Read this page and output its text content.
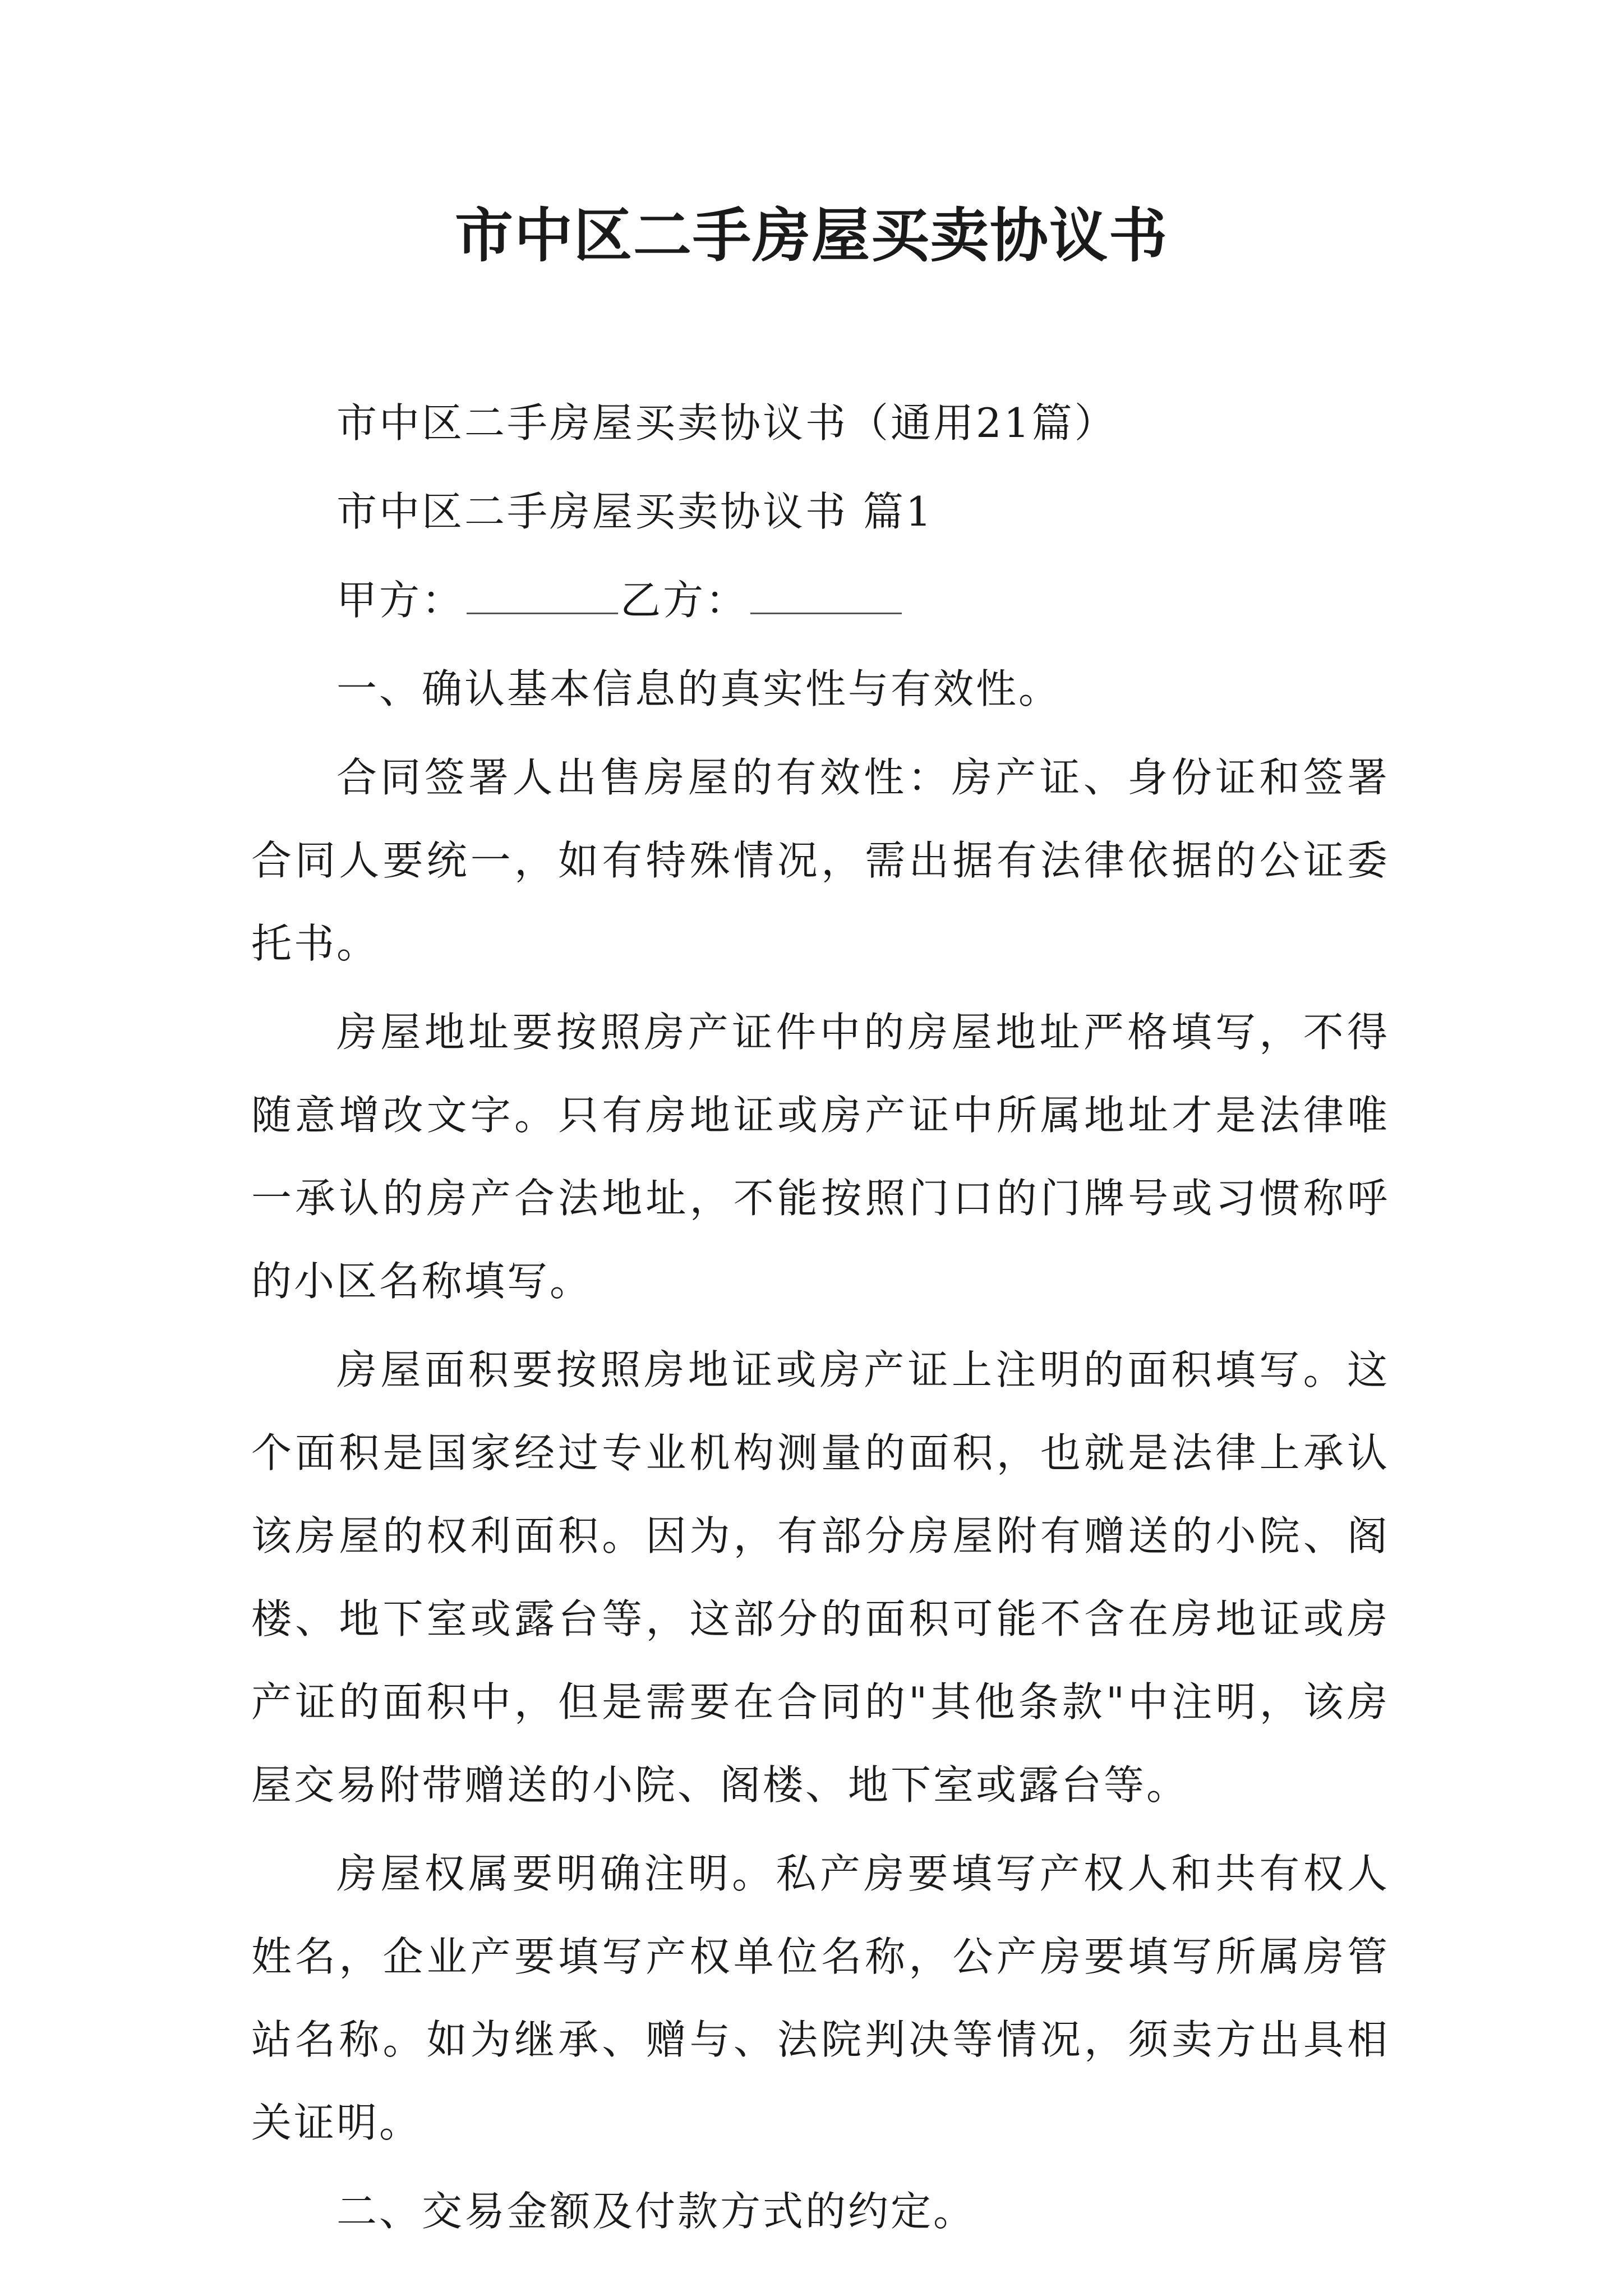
市中区二手房屋买卖协议书

市中区二手房屋买卖协议书（通用21篇）

市中区二手房屋买卖协议书 篇1

甲方：	乙方：

一、确认基本信息的真实性与有效性。

合同签署人出售房屋的有效性：房产证、身份证和签署合同人要统一，如有特殊情况，需出据有法律依据的公证委托书。

房屋地址要按照房产证件中的房屋地址严格填写，不得随意增改文字。只有房地证或房产证中所属地址才是法律唯一承认的房产合法地址，不能按照门口的门牌号或习惯称呼的小区名称填写。

房屋面积要按照房地证或房产证上注明的面积填写。这个面积是国家经过专业机构测量的面积，也就是法律上承认该房屋的权利面积。因为，有部分房屋附有赠送的小院、阁楼、地下室或露台等，这部分的面积可能不含在房地证或房产证的面积中，但是需要在合同的"其他条款"中注明，该房屋交易附带赠送的小院、阁楼、地下室或露台等。

房屋权属要明确注明。私产房要填写产权人和共有权人姓名，企业产要填写产权单位名称，公产房要填写所属房管站名称。如为继承、赠与、法院判决等情况，须卖方出具相关证明。

二、交易金额及付款方式的约定。
